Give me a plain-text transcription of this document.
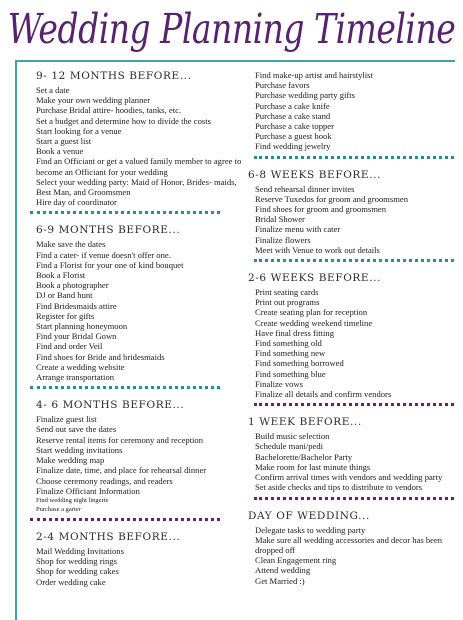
Wedding Planning Timeline
9- 12 MONTHS BEFORE...
Set a date
Make your own wedding planner
Purchase Bridal attire- hoodies, tanks, etc.
Set a budget and determine how to divide the costs
Start looking for a venue
Start a guest list
Book a venue
Find an Officiant or get a valued family member to agree to become an Officiant for your wedding
Select your wedding party: Maid of Honor, Brides- maids,
Best Man, and Groomsmen
Hire day of coordinator
6-9 MONTHS BEFORE...
Make save the dates
Find a cater- if venue doesn't offer one.
Find a Florist for your one of kind bouquet
Book a Florist
Book a photographer
DJ or Band hunt
Find Bridesmaids attire
Register for gifts
Start planning honeymoon
Find your Bridal Gown
Find and order Veil
Find shoes for Bride and bridesmaids
Create a wedding website
Arrange transportation
4- 6 MONTHS BEFORE...
Finalize guest list
Send out save the dates
Reserve rental items for ceremony and reception
Start wedding invitations
Make wedding map
Finalize date, time, and place for rehearsal dinner
Choose ceremony readings, and readers
Finalize Officiant Information
Find wedding night lingerie
Purchase a garter
2-4 MONTHS BEFORE...
Mail Wedding Invitations
Shop for wedding rings
Shop for wedding cakes
Order wedding cake
Find make-up artist and hairstylist
Purchase favors
Purchase wedding party gifts
Purchase a cake knife
Purchase a cake stand
Purchase a cake topper
Purchase a guest book
Find wedding jewelry
6-8 WEEKS BEFORE...
Send rehearsal dinner invites
Reserve Tuxedos for groom and groomsmen
Find shoes for groom and groomsmen
Bridal Shower
Finalize menu with cater
Finalize flowers
Meet with Venue to work out details
2-6 WEEKS BEFORE...
Print seating cards
Print out programs
Create seating plan for reception
Create wedding weekend timeline
Have final dress fitting
Find something old
Find something new
Find something borrowed
Find something blue
Finalize vows
Finalize all details and confirm vendors
1 WEEK BEFORE...
Build music selection
Schedule mani/pedi
Bachelorette/Bachelor Party
Make room for last minute things
Confirm arrival times with vendors and wedding party
Set aside checks and tips to distribute to vendors
DAY OF WEDDING...
Delegate tasks to wedding party
Make sure all wedding accessories and decor has been dropped off
Clean Engagement ring
Attend wedding
Get Married :)
